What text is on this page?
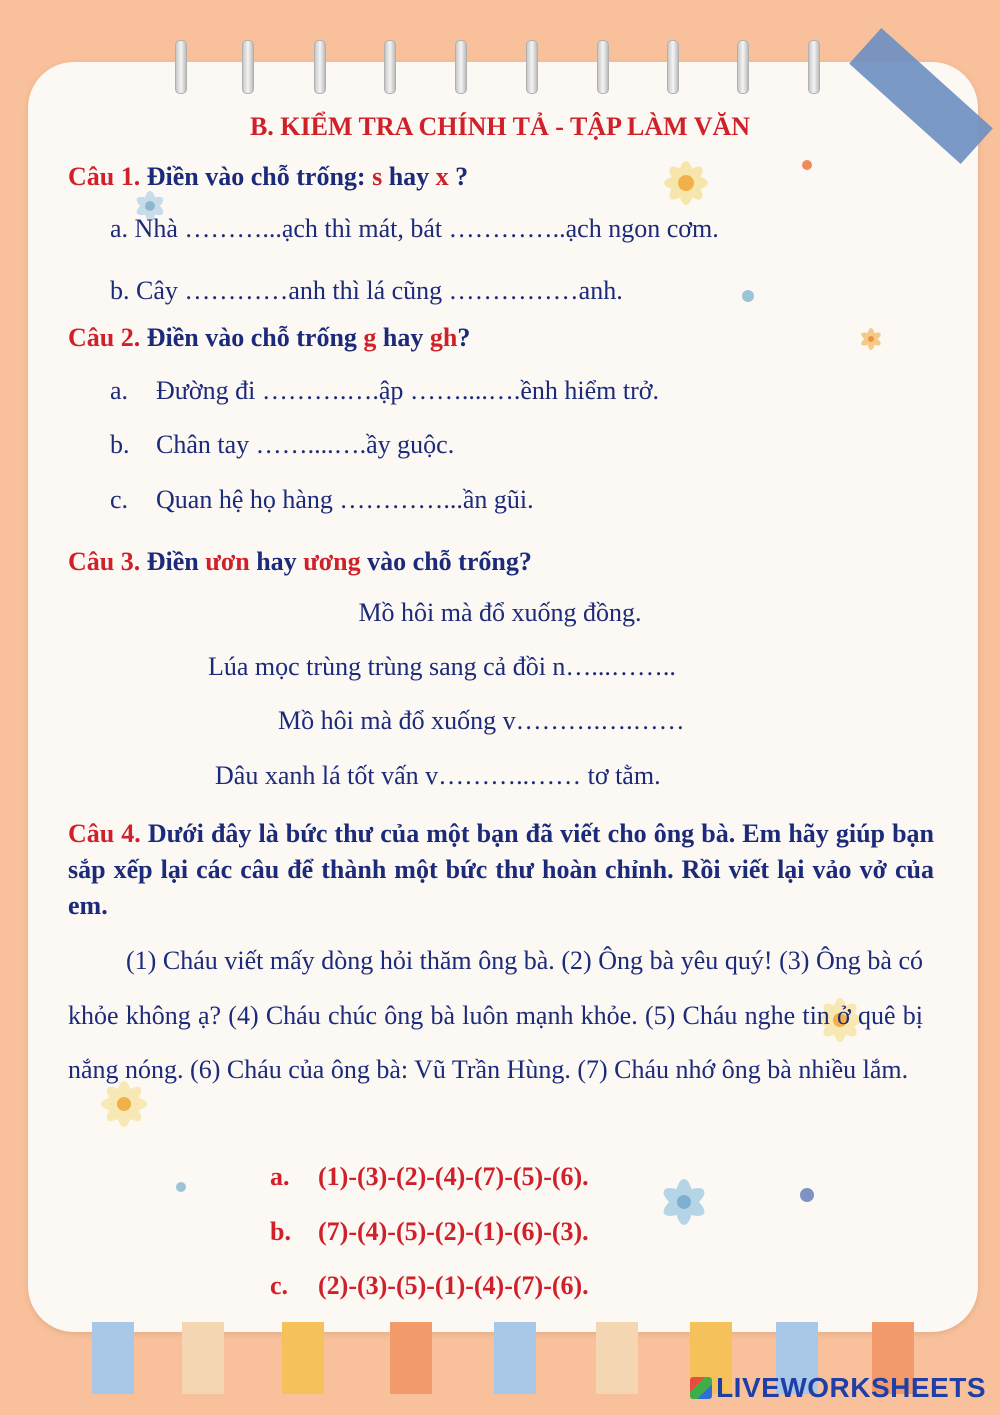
B. KIỂM TRA CHÍNH TẢ - TẬP LÀM VĂN
Câu 1. Điền vào chỗ trống: s hay x ?
a. Nhà ………...ạch thì mát, bát …………..ạch ngon cơm.
b. Cây …………anh thì lá cũng ……………anh.
Câu 2. Điền vào chỗ trống g hay gh?
a. Đường đi ……….….ập ……....….ềnh hiểm trở.
b. Chân tay ……....….ầy guộc.
c. Quan hệ họ hàng …………...ần gũi.
Câu 3. Điền ươn hay ương vào chỗ trống?
Mồ hôi mà đổ xuống đồng.
Lúa mọc trùng trùng sang cả đồi n…...……..
Mồ hôi mà đổ xuống v……….….……
Dâu xanh lá tốt vấn v………..…… tơ tằm.
Câu 4. Dưới đây là bức thư của một bạn đã viết cho ông bà. Em hãy giúp bạn sắp xếp lại các câu để thành một bức thư hoàn chỉnh. Rồi viết lại vảo vở của em.
(1) Cháu viết mấy dòng hỏi thăm ông bà. (2) Ông bà yêu quý! (3) Ông bà có khỏe không ạ? (4) Cháu chúc ông bà luôn mạnh khỏe. (5) Cháu nghe tin ở quê bị nắng nóng. (6) Cháu của ông bà: Vũ Trần Hùng. (7) Cháu nhớ ông bà nhiều lắm.
a. (1)-(3)-(2)-(4)-(7)-(5)-(6).
b. (7)-(4)-(5)-(2)-(1)-(6)-(3).
c. (2)-(3)-(5)-(1)-(4)-(7)-(6).
LIVEWORKSHEETS
